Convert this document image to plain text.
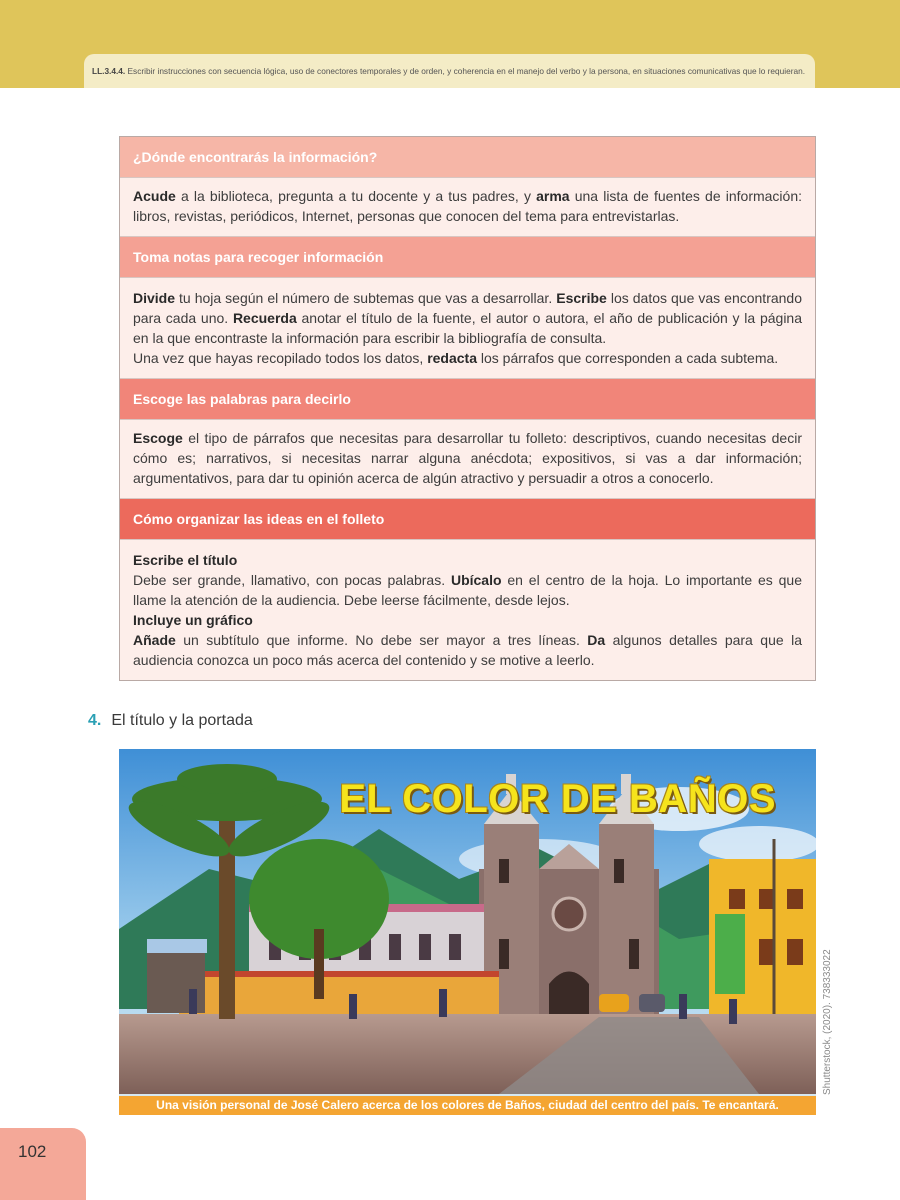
LL.3.4.4. Escribir instrucciones con secuencia lógica, uso de conectores temporales y de orden, y coherencia en el manejo del verbo y la persona, en situaciones comunicativas que lo requieran.
¿Dónde encontrarás la información?
Acude a la biblioteca, pregunta a tu docente y a tus padres, y arma una lista de fuentes de información: libros, revistas, periódicos, Internet, personas que conocen del tema para entrevistarlas.
Toma notas para recoger información
Divide tu hoja según el número de subtemas que vas a desarrollar. Escribe los datos que vas encontrando para cada uno. Recuerda anotar el título de la fuente, el autor o autora, el año de publicación y la página en la que encontraste la información para escribir la bibliografía de consulta.
Una vez que hayas recopilado todos los datos, redacta los párrafos que corresponden a cada subtema.
Escoge las palabras para decirlo
Escoge el tipo de párrafos que necesitas para desarrollar tu folleto: descriptivos, cuando necesitas decir cómo es; narrativos, si necesitas narrar alguna anécdota; expositivos, si vas a dar información; argumentativos, para dar tu opinión acerca de algún atractivo y persuadir a otros a conocerlo.
Cómo organizar las ideas en el folleto
Escribe el título
Debe ser grande, llamativo, con pocas palabras. Ubícalo en el centro de la hoja. Lo importante es que llame la atención de la audiencia. Debe leerse fácilmente, desde lejos.
Incluye un gráfico
Añade un subtítulo que informe. No debe ser mayor a tres líneas. Da algunos detalles para que la audiencia conozca un poco más acerca del contenido y se motive a leerlo.
4. El título y la portada
EL COLOR DE BAÑOS
Una visión personal de José Calero acerca de los colores de Baños, ciudad del centro del país. Te encantará.
Shutterstock, (2020). 738333022
102
